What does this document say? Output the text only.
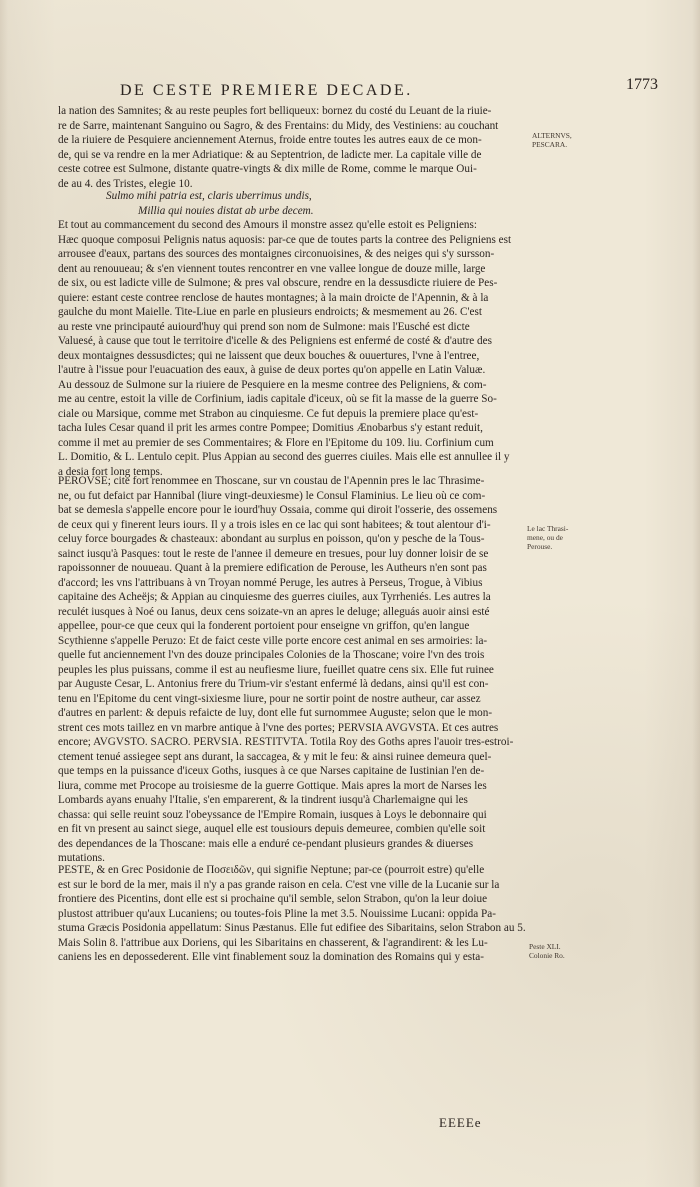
DE CESTE PREMIERE DECADE.	1773
la nation des Samnites; & au reste peuples fort belliqueux: bornez du costé du Leuant de la riuie-
re de Sarre, maintenant Sanguino ou Sagro, & des Frentains: du Midy, des Vestiniens: au couchant
de la riuiere de Pesquiere anciennement Aternus, froide entre toutes les autres eaux de ce mon-
de, qui se va rendre en la mer Adriatique: & au Septentrion, de ladicte mer. La capitale ville de
ceste cotree est Sulmone, distante quatre-vingts & dix mille de Rome, comme le marque Oui-
de au 4. des Tristes, elegie 10.
Sulmo mihi patria est, claris uberrimus undis,
Millia qui nouies distat ab urbe decem.
Et tout au commancement du second des Amours il monstre assez qu'elle estoit es Peligniens:
Hæc quoque composui Pelignis natus aquosis: par-ce que de toutes parts la contree des Peligniens est
arrousee d'eaux, partans des sources des montaignes circonuoisines, & des neiges qui s'y sursson-
dent au renouueau; & s'en viennent toutes rencontrer en vne vallee longue de douze mille, large
de six, ou est ladicte ville de Sulmone; & pres val obscure, rendre en la dessusdicte riuiere de Pes-
quiere: estant ceste contree renclose de hautes montagnes; à la main droicte de l'Apennin, & à la
gaulche du mont Maielle. Tite-Liue en parle en plusieurs endroicts; & mesmement au 26. C'est
au reste vne principauté auiourd'huy qui prend son nom de Sulmone: mais l'Eusché est dicte
Valuesé, à cause que tout le territoire d'icelle & des Peligniens est enfermé de costé & d'autre des
deux montaignes dessusdictes; qui ne laissent que deux bouches & ouuertures, l'vne à l'entree,
l'autre à l'issue pour l'euacuation des eaux, à guise de deux portes qu'on appelle en Latin Valuæ.
Au dessouz de Sulmone sur la riuiere de Pesquiere en la mesme contree des Peligniens, & com-
me au centre, estoit la ville de Corfinium, iadis capitale d'iceux, où se fit la masse de la guerre So-
ciale ou Marsique, comme met Strabon au cinquiesme. Ce fut depuis la premiere place qu'est-
tacha Iules Cesar quand il prit les armes contre Pompee; Domitius Ænobarbus s'y estant reduit,
comme il met au premier de ses Commentaires; & Flore en l'Epitome du 109. liu. Corfinium cum
L. Domitio, & L. Lentulo cepit. Plus Appian au second des guerres ciuiles. Mais elle est annullee il y
a desia fort long temps.
PEROVSE; cite fort renommee en Thoscane, sur vn coustau de l'Apennin pres le lac Thrasime-
ne, ou fut defaict par Hannibal (liure vingt-deuxiesme) le Consul Flaminius. Le lieu où ce com-
bat se demesla s'appelle encore pour le iourd'huy Ossaia, comme qui diroit l'osserie, des ossemens
de ceux qui y finerent leurs iours. Il y a trois isles en ce lac qui sont habitees; & tout alentour d'i-
celuy force bourgades & chasteaux: abondant au surplus en poisson, qu'on y pesche de la Tous-
sainct iusqu'à Pasques: tout le reste de l'annee il demeure en tresues, pour luy donner loisir de se
rapoissonner de nouueau. Quant à la premiere edification de Perouse, les Autheurs n'en sont pas
d'accord; les vns l'attribuans à vn Troyan nommé Peruge, les autres à Perseus, Trogue, à Vibius
capitaine des Acheëjs; & Appian au cinquiesme des guerres ciuiles, aux Tyrrheniés. Les autres la
reculét iusques à Noé ou Ianus, deux cens soizate-vn an apres le deluge; alleguás auoir ainsi esté
appellee, pour-ce que ceux qui la fonderent portoient pour enseigne vn griffon, qu'en langue
Scythienne s'appelle Peruzo: Et de faict ceste ville porte encore cest animal en ses armoiries: la-
quelle fut anciennement l'vn des douze principales Colonies de la Thoscane; voire l'vn des trois
peuples les plus puissans, comme il est au neufiesme liure, fueillet quatre cens six. Elle fut ruinee
par Auguste Cesar, L. Antonius frere du Trium-vir s'estant enfermé là dedans, ainsi qu'il est con-
tenu en l'Epitome du cent vingt-sixiesme liure, pour ne sortir point de nostre autheur, car assez
d'autres en parlent: & depuis refaicte de luy, dont elle fut surnommee Auguste; selon que le mon-
strent ces mots taillez en vn marbre antique à l'vne des portes; PERVSIA AVGVSTA. Et ces autres
encore; AVGVSTO. SACRO. PERVSIA. RESTITVTA. Totila Roy des Goths apres l'auoir tres-estroi-
ctement tenué assiegee sept ans durant, la saccagea, & y mit le feu: & ainsi ruinee demeura quel-
que temps en la puissance d'iceux Goths, iusques à ce que Narses capitaine de Iustinian l'en de-
liura, comme met Procope au troisiesme de la guerre Gottique. Mais apres la mort de Narses les
Lombards ayans enuahy l'Italie, s'en emparerent, & la tindrent iusqu'à Charlemaigne qui les
chassa: qui selle reuint souz l'obeyssance de l'Empire Romain, iusques à Loys le debonnaire qui
en fit vn present au sainct siege, auquel elle est tousiours depuis demeuree, combien qu'elle soit
des dependances de la Thoscane: mais elle a enduré ce-pendant plusieurs grandes & diuerses
mutations.
PESTE, & en Grec Posidonie de Ποσειδῶν, qui signifie Neptune; par-ce (pourroit estre) qu'elle
est sur le bord de la mer, mais il n'y a pas grande raison en cela. C'est vne ville de la Lucanie sur la
frontiere des Picentins, dont elle est si prochaine qu'il semble, selon Strabon, qu'on la leur doiue
plustost attribuer qu'aux Lucaniens; ou toutes-fois Pline la met 3.5. Nouissime Lucani: oppida Pa-
stuma Græcis Posidonia appellatum: Sinus Pæstanus. Elle fut edifiee des Sibaritains, selon Strabon au 5.
Mais Solin 8. l'attribue aux Doriens, qui les Sibaritains en chasserent, & l'agrandirent: & les Lu-
caniens les en depossederent. Elle vint finablement souz la domination des Romains qui y esta-
ALTERNVS,
PESCARA.
Le lac Thrasi-
mene, ou de
Perouse.
Peste XLI.
Colonie Ro.
EEEEe
